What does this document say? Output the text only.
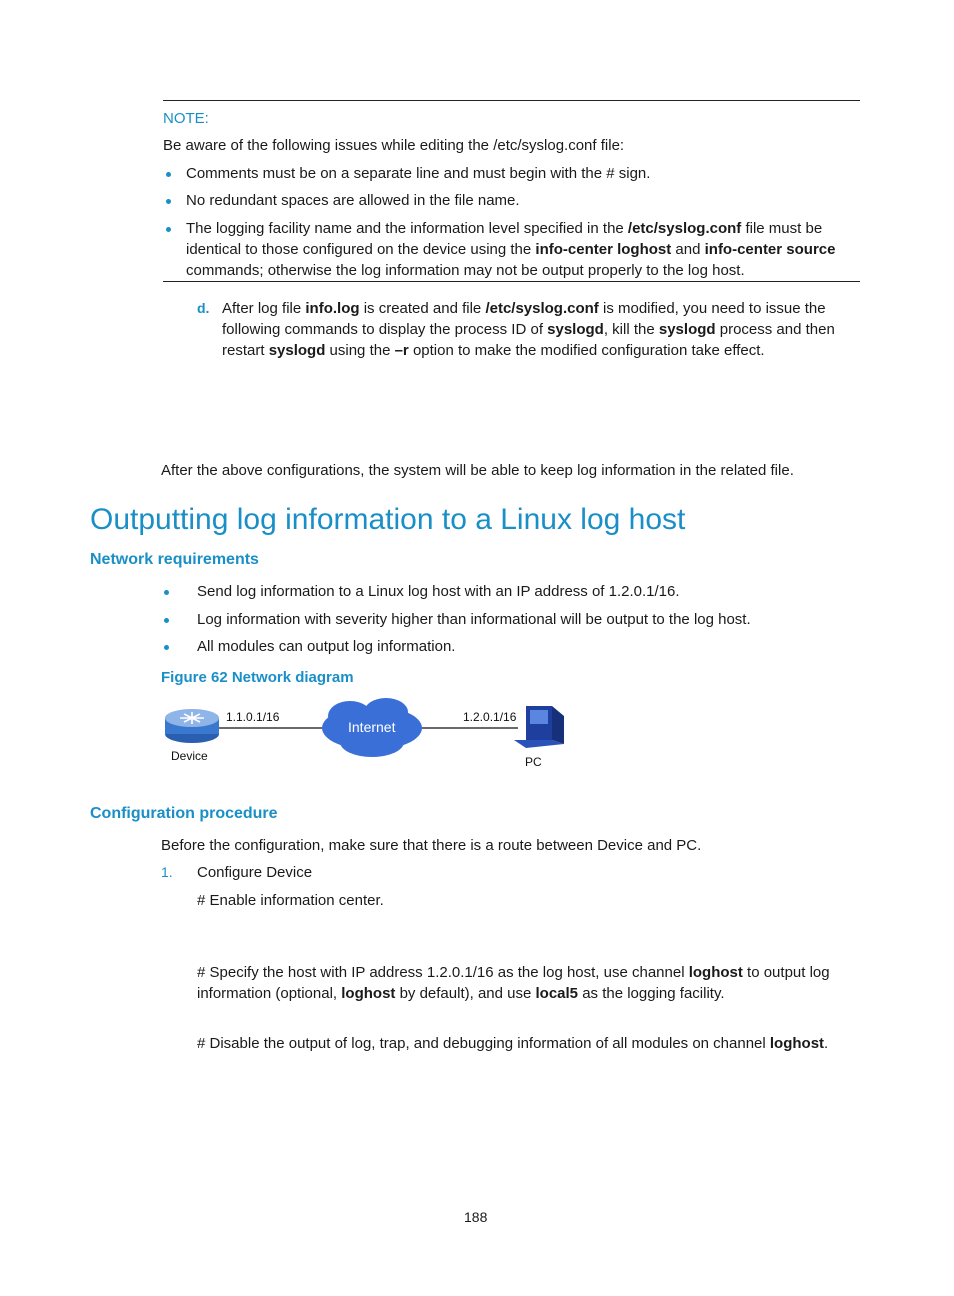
NOTE:
Be aware of the following issues while editing the /etc/syslog.conf file:
Comments must be on a separate line and must begin with the # sign.
No redundant spaces are allowed in the file name.
The logging facility name and the information level specified in the /etc/syslog.conf file must be
identical to those configured on the device using the info-center loghost and info-center source
commands; otherwise the log information may not be output properly to the log host.
d. After log file info.log is created and file /etc/syslog.conf is modified, you need to issue the
following commands to display the process ID of syslogd, kill the syslogd process and then
restart syslogd using the –r option to make the modified configuration take effect.
After the above configurations, the system will be able to keep log information in the related file.
Outputting log information to a Linux log host
Network requirements
Send log information to a Linux log host with an IP address of 1.2.0.1/16.
Log information with severity higher than informational will be output to the log host.
All modules can output log information.
Figure 62 Network diagram
1.1.0.1/16
Device
Internet
1.2.0.1/16
PC
Configuration procedure
Before the configuration, make sure that there is a route between Device and PC.
1. Configure Device
# Enable information center.
# Specify the host with IP address 1.2.0.1/16 as the log host, use channel loghost to output log
information (optional, loghost by default), and use local5 as the logging facility.
# Disable the output of log, trap, and debugging information of all modules on channel loghost.
188
